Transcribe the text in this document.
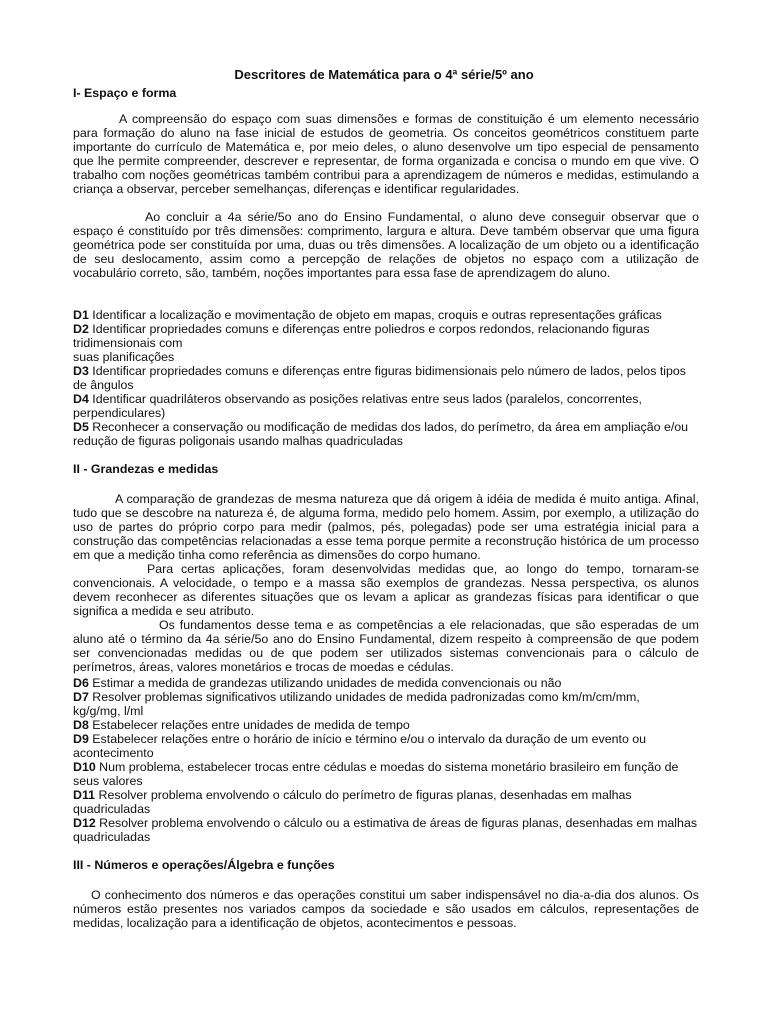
Descritores de Matemática para o 4ª série/5º ano
I- Espaço e forma

A compreensão do espaço com suas dimensões e formas de constituição é um elemento necessário para formação do aluno na fase inicial de estudos de geometria. Os conceitos geométricos constituem parte importante do currículo de Matemática e, por meio deles, o aluno desenvolve um tipo especial de pensamento que lhe permite compreender, descrever e representar, de forma organizada e concisa o mundo em que vive. O trabalho com noções geométricas também contribui para a aprendizagem de números e medidas, estimulando a criança a observar, perceber semelhanças, diferenças e identificar regularidades.

Ao concluir a 4a série/5o ano do Ensino Fundamental, o aluno deve conseguir observar que o espaço é constituído por três dimensões: comprimento, largura e altura. Deve também observar que uma figura geométrica pode ser constituída por uma, duas ou três dimensões. A localização de um objeto ou a identificação de seu deslocamento, assim como a percepção de relações de objetos no espaço com a utilização de vocabulário correto, são, também, noções importantes para essa fase de aprendizagem do aluno.

D1 Identificar a localização e movimentação de objeto em mapas, croquis e outras representações gráficas

D2 Identificar propriedades comuns e diferenças entre poliedros e corpos redondos, relacionando figuras tridimensionais com

suas planificações

D3 Identificar propriedades comuns e diferenças entre figuras bidimensionais pelo número de lados, pelos tipos de ângulos

D4 Identificar quadriláteros observando as posições relativas entre seus lados (paralelos, concorrentes, perpendiculares)

D5 Reconhecer a conservação ou modificação de medidas dos lados, do perímetro, da área em ampliação e/ou redução de figuras poligonais usando malhas quadriculadas

II - Grandezas e medidas

A comparação de grandezas de mesma natureza que dá origem à idéia de medida é muito antiga. Afinal, tudo que se descobre na natureza é, de alguma forma, medido pelo homem. Assim, por exemplo, a utilização do uso de partes do próprio corpo para medir (palmos, pés, polegadas) pode ser uma estratégia inicial para a construção das competências relacionadas a esse tema porque permite a reconstrução histórica de um processo em que a medição tinha como referência as dimensões do corpo humano.

Para certas aplicações, foram desenvolvidas medidas que, ao longo do tempo, tornaram-se convencionais. A velocidade, o tempo e a massa são exemplos de grandezas. Nessa perspectiva, os alunos devem reconhecer as diferentes situações que os levam a aplicar as grandezas físicas para identificar o que significa a medida e seu atributo.

Os fundamentos desse tema e as competências a ele relacionadas, que são esperadas de um aluno até o término da 4a série/5o ano do Ensino Fundamental, dizem respeito à compreensão de que podem ser convencionadas medidas ou de que podem ser utilizados sistemas convencionais para o cálculo de perímetros, áreas, valores monetários e trocas de moedas e cédulas.

D6 Estimar a medida de grandezas utilizando unidades de medida convencionais ou não

D7 Resolver problemas significativos utilizando unidades de medida padronizadas como km/m/cm/mm, kg/g/mg, l/ml

D8 Estabelecer relações entre unidades de medida de tempo

D9 Estabelecer relações entre o horário de início e término e/ou o intervalo da duração de um evento ou acontecimento

D10 Num problema, estabelecer trocas entre cédulas e moedas do sistema monetário brasileiro em função de seus valores

D11 Resolver problema envolvendo o cálculo do perímetro de figuras planas, desenhadas em malhas quadriculadas

D12 Resolver problema envolvendo o cálculo ou a estimativa de áreas de figuras planas, desenhadas em malhas quadriculadas

III - Números e operações/Álgebra e funções

O conhecimento dos números e das operações constitui um saber indispensável no dia-a-dia dos alunos. Os números estão presentes nos variados campos da sociedade e são usados em cálculos, representações de medidas, localização para a identificação de objetos, acontecimentos e pessoas.
